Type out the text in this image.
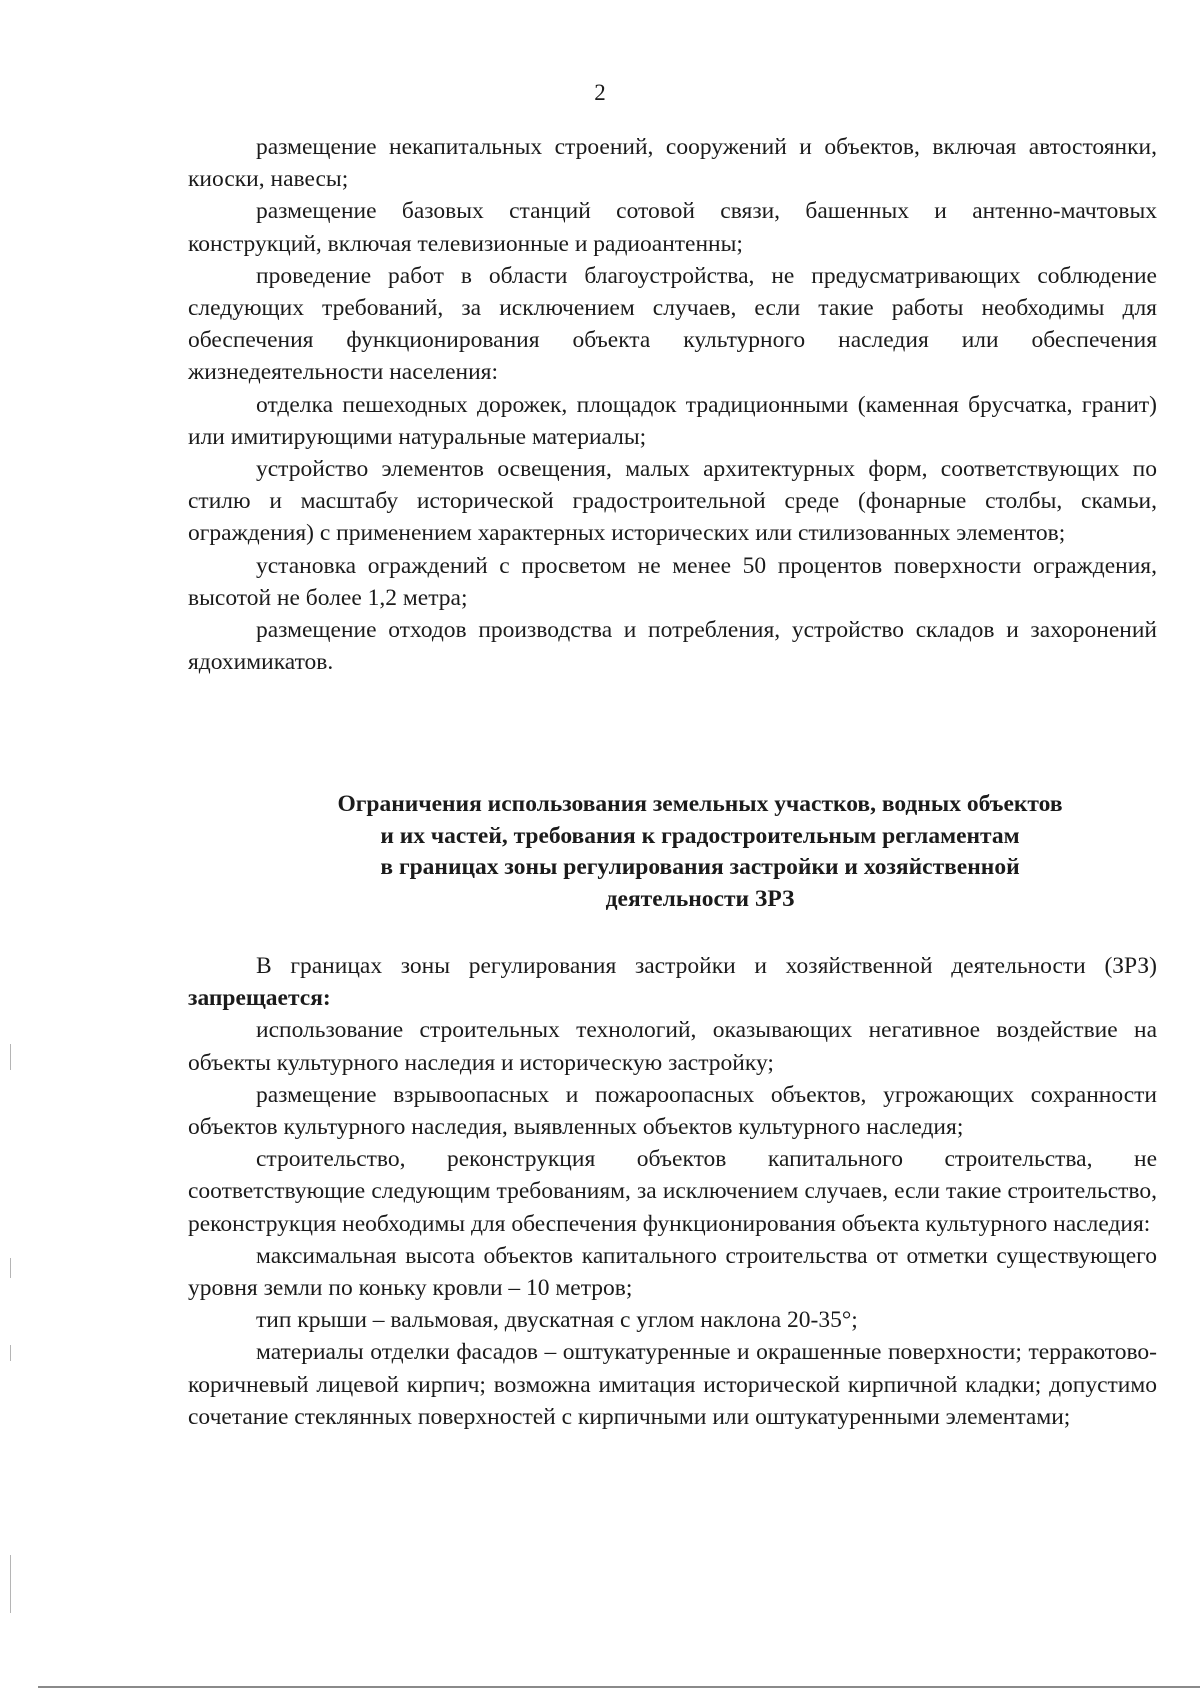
2

размещение некапитальных строений, сооружений и объектов, включая автостоянки, киоски, навесы;

размещение базовых станций сотовой связи, башенных и антенно-мачтовых конструкций, включая телевизионные и радиоантенны;

проведение работ в области благоустройства, не предусматривающих соблюдение следующих требований, за исключением случаев, если такие работы необходимы для обеспечения функционирования объекта культурного наследия или обеспечения жизнедеятельности населения:

отделка пешеходных дорожек, площадок традиционными (каменная брусчатка, гранит) или имитирующими натуральные материалы;

устройство элементов освещения, малых архитектурных форм, соответствующих по стилю и масштабу исторической градостроительной среде (фонарные столбы, скамьи, ограждения) с применением характерных исторических или стилизованных элементов;

установка ограждений с просветом не менее 50 процентов поверхности ограждения, высотой не более 1,2 метра;

размещение отходов производства и потребления, устройство складов и захоронений ядохимикатов.

Ограничения использования земельных участков, водных объектов
и их частей, требования к градостроительным регламентам
в границах зоны регулирования застройки и хозяйственной
деятельности ЗРЗ

В границах зоны регулирования застройки и хозяйственной деятельности (ЗРЗ) запрещается:

использование строительных технологий, оказывающих негативное воздействие на объекты культурного наследия и историческую застройку;

размещение взрывоопасных и пожароопасных объектов, угрожающих сохранности объектов культурного наследия, выявленных объектов культурного наследия;

строительство, реконструкция объектов капитального строительства, не соответствующие следующим требованиям, за исключением случаев, если такие строительство, реконструкция необходимы для обеспечения функционирования объекта культурного наследия:

максимальная высота объектов капитального строительства от отметки существующего уровня земли по коньку кровли – 10 метров;

тип крыши – вальмовая, двускатная с углом наклона 20-35°;

материалы отделки фасадов – оштукатуренные и окрашенные поверхности; терракотово-коричневый лицевой кирпич; возможна имитация исторической кирпичной кладки; допустимо сочетание стеклянных поверхностей с кирпичными или оштукатуренными элементами;
